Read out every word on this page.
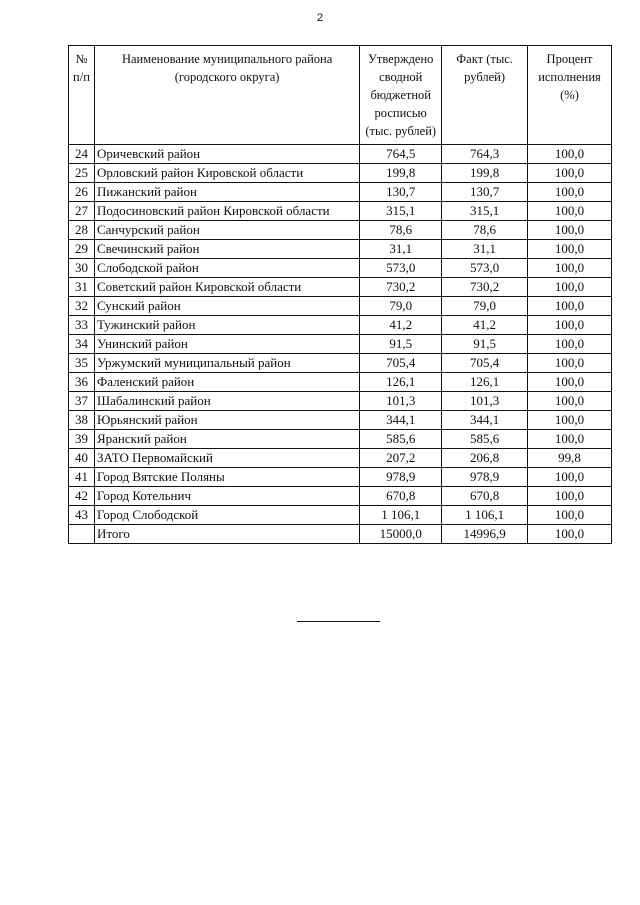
2
№ п/п	Наименование муниципального района (городского округа)	Утверждено сводной бюджетной росписью (тыс. рублей)	Факт (тыс. рублей)	Процент исполнения (%)
24	Оричевский район	764,5	764,3	100,0
25	Орловский район Кировской области	199,8	199,8	100,0
26	Пижанский район	130,7	130,7	100,0
27	Подосиновский район Кировской области	315,1	315,1	100,0
28	Санчурский район	78,6	78,6	100,0
29	Свечинский район	31,1	31,1	100,0
30	Слободской район	573,0	573,0	100,0
31	Советский район Кировской области	730,2	730,2	100,0
32	Сунский район	79,0	79,0	100,0
33	Тужинский район	41,2	41,2	100,0
34	Унинский район	91,5	91,5	100,0
35	Уржумский муниципальный район	705,4	705,4	100,0
36	Фаленский район	126,1	126,1	100,0
37	Шабалинский район	101,3	101,3	100,0
38	Юрьянский район	344,1	344,1	100,0
39	Яранский район	585,6	585,6	100,0
40	ЗАТО Первомайский	207,2	206,8	99,8
41	Город Вятские Поляны	978,9	978,9	100,0
42	Город Котельнич	670,8	670,8	100,0
43	Город Слободской	1 106,1	1 106,1	100,0
	Итого	15000,0	14996,9	100,0
